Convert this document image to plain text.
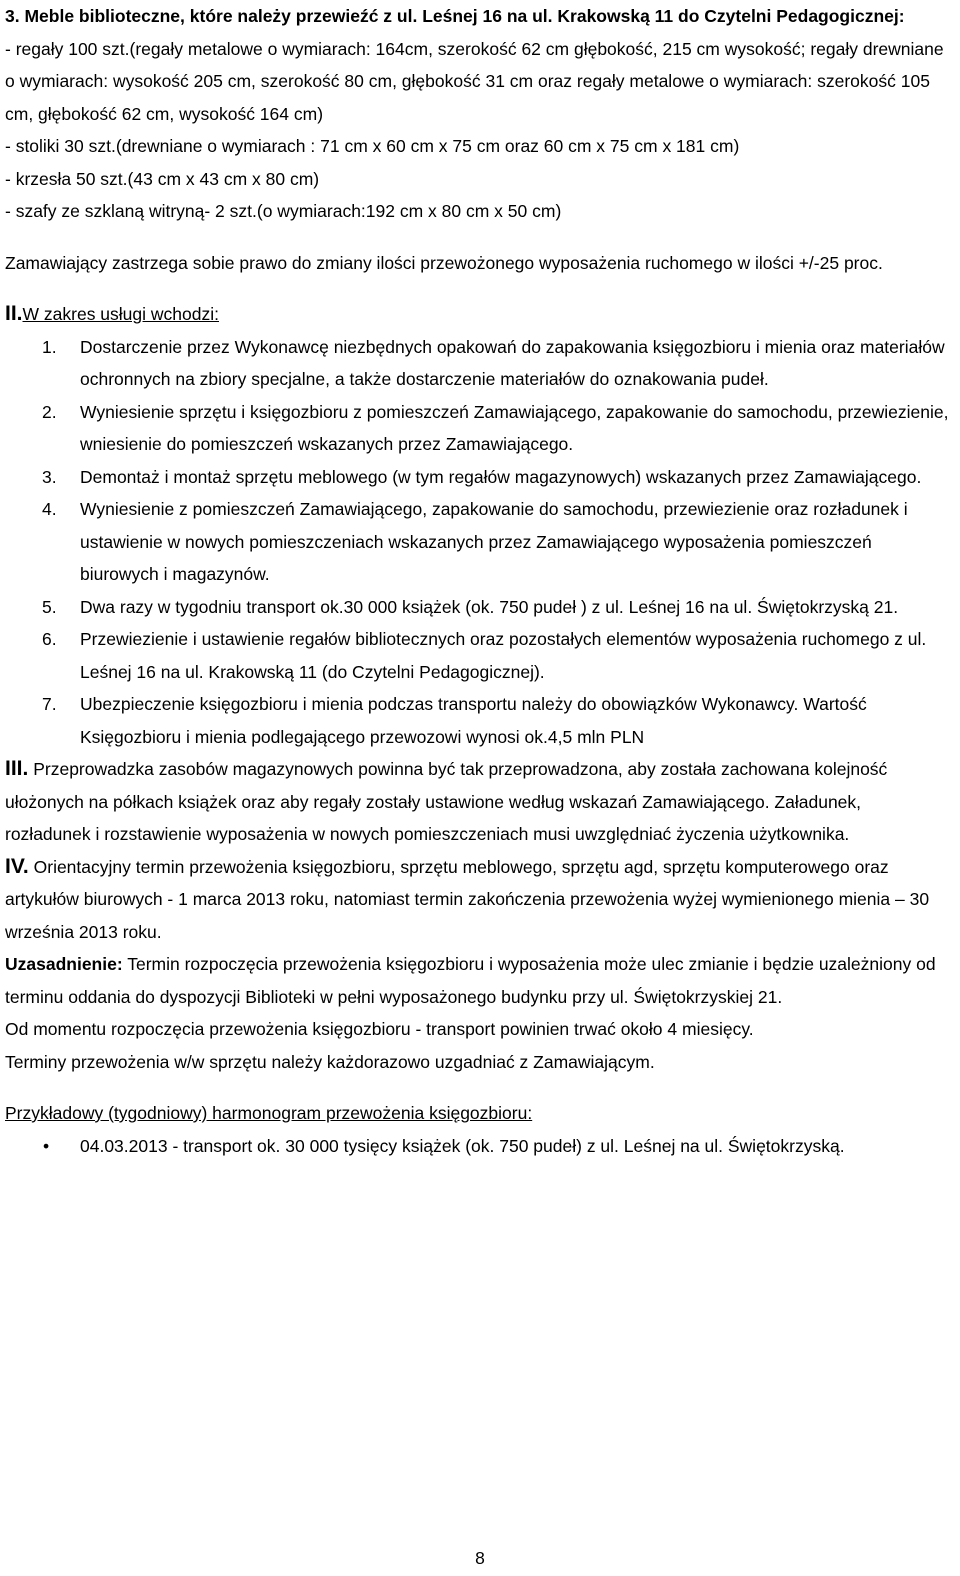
3. Meble biblioteczne, które należy przewieźć z ul. Leśnej 16 na ul. Krakowską 11 do Czytelni Pedagogicznej:

- regały 100 szt.(regały metalowe o wymiarach: 164cm, szerokość 62 cm głębokość, 215 cm wysokość; regały drewniane o wymiarach: wysokość 205 cm, szerokość 80 cm, głębokość 31 cm oraz regały metalowe o wymiarach: szerokość 105 cm, głębokość 62 cm, wysokość 164 cm)

- stoliki 30 szt.(drewniane o wymiarach : 71 cm x 60 cm x 75 cm oraz 60 cm x 75 cm x 181 cm)

- krzesła 50 szt.(43 cm x 43 cm x 80 cm)

- szafy ze szklaną witryną- 2 szt.(o wymiarach:192 cm x 80 cm x 50 cm)

Zamawiający zastrzega sobie prawo do zmiany ilości przewożonego wyposażenia ruchomego w ilości +/-25 proc.

II.W zakres usługi wchodzi:

1. Dostarczenie przez Wykonawcę niezbędnych opakowań do zapakowania księgozbioru i mienia oraz materiałów ochronnych na zbiory specjalne, a także dostarczenie materiałów do oznakowania pudeł.
2. Wyniesienie sprzętu i księgozbioru z pomieszczeń Zamawiającego, zapakowanie do samochodu, przewiezienie, wniesienie do pomieszczeń wskazanych przez Zamawiającego.
3. Demontaż i montaż sprzętu meblowego (w tym regałów magazynowych) wskazanych przez Zamawiającego.
4. Wyniesienie z pomieszczeń Zamawiającego, zapakowanie do samochodu, przewiezienie oraz rozładunek i ustawienie w nowych pomieszczeniach wskazanych przez Zamawiającego wyposażenia pomieszczeń biurowych i magazynów.
5. Dwa razy w tygodniu transport ok.30 000 książek (ok. 750 pudeł ) z ul. Leśnej 16 na ul. Świętokrzyską 21.
6. Przewiezienie i ustawienie regałów bibliotecznych oraz pozostałych elementów wyposażenia ruchomego z ul. Leśnej 16 na ul. Krakowską 11 (do Czytelni Pedagogicznej).
7. Ubezpieczenie księgozbioru i mienia podczas transportu należy do obowiązków Wykonawcy. Wartość Księgozbioru i mienia podlegającego przewozowi wynosi ok.4,5 mln PLN

III. Przeprowadzka zasobów magazynowych powinna być tak przeprowadzona, aby została zachowana kolejność ułożonych na półkach książek oraz aby regały zostały ustawione według wskazań Zamawiającego. Załadunek, rozładunek i rozstawienie wyposażenia w nowych pomieszczeniach musi uwzględniać życzenia użytkownika.

IV. Orientacyjny termin przewożenia księgozbioru, sprzętu meblowego, sprzętu agd, sprzętu komputerowego oraz artykułów biurowych - 1 marca 2013 roku, natomiast termin zakończenia przewożenia wyżej wymienionego mienia – 30 września 2013 roku.

Uzasadnienie: Termin rozpoczęcia przewożenia księgozbioru i wyposażenia może ulec zmianie i będzie uzależniony od terminu oddania do dyspozycji Biblioteki w pełni wyposażonego budynku przy ul. Świętokrzyskiej 21.

Od momentu rozpoczęcia przewożenia księgozbioru - transport powinien trwać około 4 miesięcy.

Terminy przewożenia w/w sprzętu należy każdorazowo uzgadniać z Zamawiającym.

Przykładowy (tygodniowy) harmonogram przewożenia księgozbioru:

• 04.03.2013 - transport ok. 30 000 tysięcy książek (ok. 750 pudeł) z ul. Leśnej na ul. Świętokrzyską.
8
